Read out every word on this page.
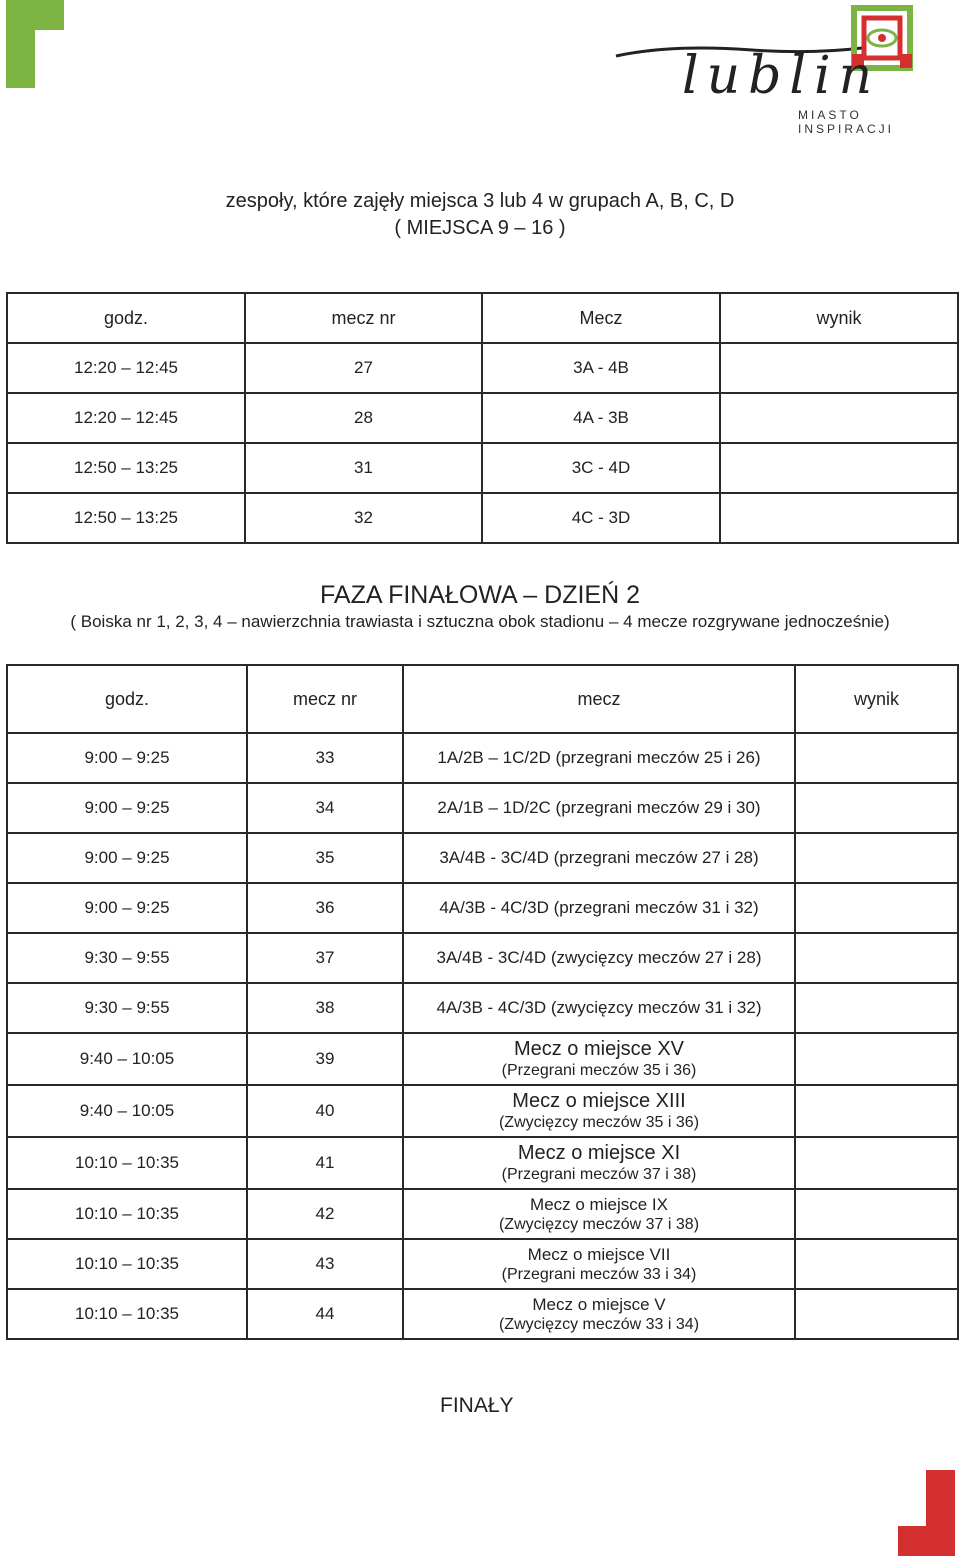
lublin
MIASTO INSPIRACJI
zespoły, które zajęły miejsca 3 lub 4 w grupach A, B, C, D
( MIEJSCA 9 – 16 )
godz.	mecz nr	Mecz	wynik
12:20 – 12:45	27	3A - 4B	
12:20 – 12:45	28	4A - 3B	
12:50 – 13:25	31	3C - 4D	
12:50 – 13:25	32	4C - 3D	
FAZA FINAŁOWA – DZIEŃ 2
( Boiska nr 1, 2, 3, 4 – nawierzchnia trawiasta i sztuczna obok stadionu – 4 mecze rozgrywane jednocześnie)
godz.	mecz nr	mecz	wynik
9:00 – 9:25	33	1A/2B – 1C/2D (przegrani meczów 25 i 26)	
9:00 – 9:25	34	2A/1B – 1D/2C (przegrani meczów 29 i 30)	
9:00 – 9:25	35	3A/4B - 3C/4D (przegrani meczów 27 i 28)	
9:00 – 9:25	36	4A/3B - 4C/3D (przegrani meczów 31 i 32)	
9:30 – 9:55	37	3A/4B - 3C/4D (zwycięzcy meczów 27 i 28)	
9:30 – 9:55	38	4A/3B - 4C/3D (zwycięzcy meczów 31 i 32)	
9:40 – 10:05	39	Mecz o miejsce XV
(Przegrani meczów 35 i 36)	

9:40 – 10:05	40	Mecz o miejsce XIII
(Zwycięzcy meczów 35 i 36)	

10:10 – 10:35	41	Mecz o miejsce XI
(Przegrani meczów 37 i 38)	

10:10 – 10:35	42	Mecz o miejsce IX
(Zwycięzcy meczów 37 i 38)	

10:10 – 10:35	43	Mecz o miejsce VII
(Przegrani meczów 33 i 34)	

10:10 – 10:35	44	Mecz o miejsce V
(Zwycięzcy meczów 33 i 34)	

FINAŁY
